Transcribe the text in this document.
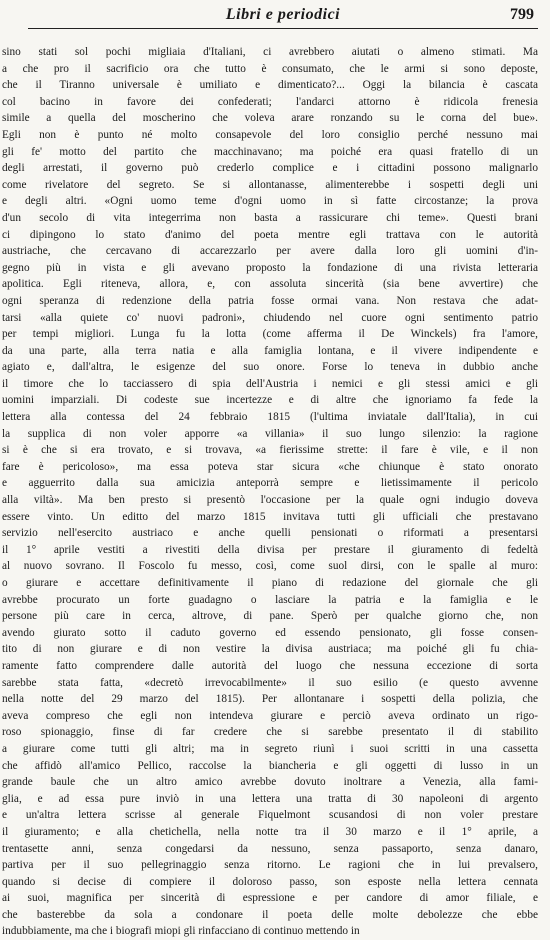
Libri e periodici	799
sino stati sol pochi migliaia d'Italiani, ci avrebbero aiutati o almeno stimati. Ma
a che pro il sacrificio ora che tutto è consumato, che le armi si sono deposte,
che il Tiranno universale è umiliato e dimenticato?... Oggi la bilancia è cascata
col bacino in favore dei confederati; l'andarci attorno è ridicola frenesia
simile a quella del moscherino che voleva arare ronzando su le corna del bue».
Egli non è punto né molto consapevole del loro consiglio perché nessuno mai
gli fe' motto del partito che macchinavano; ma poiché era quasi fratello di un
degli arrestati, il governo può crederlo complice e i cittadini possono malignarlo
come rivelatore del segreto. Se si allontanasse, alimenterebbe i sospetti degli uni
e degli altri. «Ogni uomo teme d'ogni uomo in sì fatte circostanze; la prova
d'un secolo di vita integerrima non basta a rassicurare chi teme». Questi brani
ci dipingono lo stato d'animo del poeta mentre egli trattava con le autorità
austriache, che cercavano di accarezzarlo per avere dalla loro gli uomini d'in-
gegno più in vista e gli avevano proposto la fondazione di una rivista letteraria
apolitica. Egli riteneva, allora, e, con assoluta sincerità (sia bene avvertire) che
ogni speranza di redenzione della patria fosse ormai vana. Non restava che adat-
tarsi «alla quiete co' nuovi padroni», chiudendo nel cuore ogni sentimento patrio
per tempi migliori. Lunga fu la lotta (come afferma il De Winckels) fra l'amore,
da una parte, alla terra natia e alla famiglia lontana, e il vivere indipendente e
agiato e, dall'altra, le esigenze del suo onore. Forse lo teneva in dubbio anche
il timore che lo tacciassero di spia dell'Austria i nemici e gli stessi amici e gli
uomini imparziali. Di codeste sue incertezze e di altre che ignoriamo fa fede la
lettera alla contessa del 24 febbraio 1815 (l'ultima inviatale dall'Italia), in cui
la supplica di non voler apporre «a villania» il suo lungo silenzio: la ragione
si è che si era trovato, e si trovava, «a fierissime strette: il fare è vile, e il non
fare è pericoloso», ma essa poteva star sicura «che chiunque è stato onorato
e agguerrito dalla sua amicizia anteporrà sempre e lietissimamente il pericolo
alla viltà». Ma ben presto si presentò l'occasione per la quale ogni indugio doveva
essere vinto. Un editto del marzo 1815 invitava tutti gli ufficiali che prestavano
servizio nell'esercito austriaco e anche quelli pensionati o riformati a presentarsi
il 1° aprile vestiti a rivestiti della divisa per prestare il giuramento di fedeltà
al nuovo sovrano. Il Foscolo fu messo, così, come suol dirsi, con le spalle al muro:
o giurare e accettare definitivamente il piano di redazione del giornale che gli
avrebbe procurato un forte guadagno o lasciare la patria e la famiglia e le
persone più care in cerca, altrove, di pane. Sperò per qualche giorno che, non
avendo giurato sotto il caduto governo ed essendo pensionato, gli fosse consen-
tito di non giurare e di non vestire la divisa austriaca; ma poiché gli fu chia-
ramente fatto comprendere dalle autorità del luogo che nessuna eccezione di sorta
sarebbe stata fatta, «decretò irrevocabilmente» il suo esilio (e questo avvenne
nella notte del 29 marzo del 1815). Per allontanare i sospetti della polizia, che
aveva compreso che egli non intendeva giurare e perciò aveva ordinato un rigo-
roso spionaggio, finse di far credere che si sarebbe presentato il di stabilito
a giurare come tutti gli altri; ma in segreto riunì i suoi scritti in una cassetta
che affidò all'amico Pellico, raccolse la biancheria e gli oggetti di lusso in un
grande baule che un altro amico avrebbe dovuto inoltrare a Venezia, alla fami-
glia, e ad essa pure inviò in una lettera una tratta di 30 napoleoni di argento
e un'altra lettera scrisse al generale Fiquelmont scusandosi di non voler prestare
il giuramento; e alla chetichella, nella notte tra il 30 marzo e il 1° aprile, a
trentasette anni, senza congedarsi da nessuno, senza passaporto, senza danaro,
partiva per il suo pellegrinaggio senza ritorno. Le ragioni che in lui prevalsero,
quando si decise di compiere il doloroso passo, son esposte nella lettera cennata
ai suoi, magnifica per sincerità di espressione e per candore di amor filiale, e
che basterebbe da sola a condonare il poeta delle molte debolezze che ebbe
indubbiamente, ma che i biografi miopi gli rinfacciano di continuo mettendo in
